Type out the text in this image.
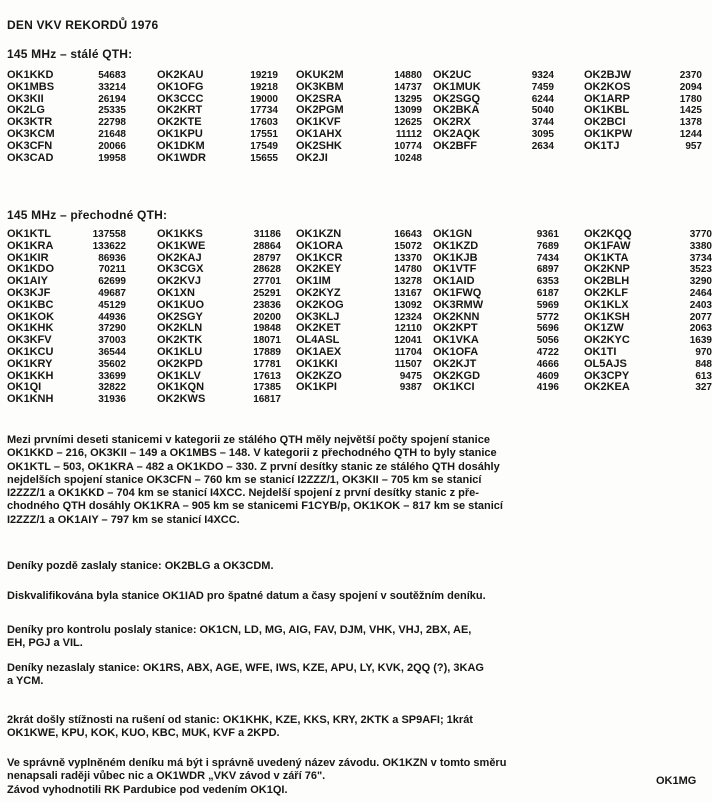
DEN VKV REKORDŮ 1976
145 MHz – stálé QTH:
OK1KKD	54683
OK1MBS	33214
OK3KII	26194
OK2LG	25335
OK3KTR	22798
OK3KCM	21648
OK3CFN	20066
OK3CAD	19958
OK2KAU	19219
OK1OFG	19218
OK3CCC	19000
OK2KRT	17734
OK2KTE	17603
OK1KPU	17551
OK1DKM	17549
OK1WDR	15655
OKUK2M	14880
OK3KBM	14737
OK2SRA	13295
OK2PGM	13099
OK1KVF	12625
OK1AHX	11112
OK2SHK	10774
OK2JI	10248
OK2UC	9324
OK1MUK	7459
OK2SGQ	6244
OK2BKA	5040
OK2RX	3744
OK2AQK	3095
OK2BFF	2634
OK2BJW	2370
OK2KOS	2094
OK1ARP	1780
OK1KBL	1425
OK2BCI	1378
OK1KPW	1244
OK1TJ	957
145 MHz – přechodné QTH:
OK1KTL	137558
OK1KRA	133622
OK1KIR	86936
OK1KDO	70211
OK1AIY	62699
OK3KJF	49687
OK1KBC	45129
OK1KOK	44936
OK1KHK	37290
OK3KFV	37003
OK1KCU	36544
OK1KRY	35602
OK1KKH	33699
OK1QI	32822
OK1KNH	31936
OK1KKS	31186
OK1KWE	28864
OK2KAJ	28797
OK3CGX	28628
OK2KVJ	27701
OK1XN	25291
OK1KUO	23836
OK2SGY	20200
OK2KLN	19848
OK2KTK	18071
OK1KLU	17889
OK2KPD	17781
OK1KLV	17613
OK1KQN	17385
OK2KWS	16817
OK1KZN	16643
OK1ORA	15072
OK1KCR	13370
OK2KEY	14780
OK1IM	13278
OK2KYZ	13167
OK2KOG	13092
OK3KLJ	12324
OK2KET	12110
OL4ASL	12041
OK1AEX	11704
OK1KKI	11507
OK2KZO	9475
OK1KPI	9387
OK1GN	9361
OK1KZD	7689
OK1KJB	7434
OK1VTF	6897
OK1AID	6353
OK1FWQ	6187
OK3RMW	5969
OK2KNN	5772
OK2KPT	5696
OK1VKA	5056
OK1OFA	4722
OK2KJT	4666
OK2KGD	4609
OK1KCI	4196
OK2KQQ	3770
OK1FAW	3380
OK1KTA	3734
OK2KNP	3523
OK2BLH	3290
OK2KLF	2464
OK1KLX	2403
OK1KSH	2077
OK1ZW	2063
OK2KYC	1639
OK1TI	970
OL5AJS	848
OK3CPY	613
OK2KEA	327

Mezi prvními deseti stanicemi v kategorii ze stálého QTH měly největší počty spojení stanice
OK1KKD – 216, OK3KII – 149 a OK1MBS – 148. V kategorii z přechodného QTH to byly stanice
OK1KTL – 503, OK1KRA – 482 a OK1KDO – 330. Z první desítky stanic ze stálého QTH dosáhly
nejdelších spojení stanice OK3CFN – 760 km se stanicí I2ZZZ/1, OK3KII – 705 km se stanicí
I2ZZZ/1 a OK1KKD – 704 km se stanicí I4XCC. Nejdelší spojení z první desítky stanic z pře-
chodného QTH dosáhly OK1KRA – 905 km se stanicemi F1CYB/p, OK1KOK – 817 km se stanicí
I2ZZZ/1 a OK1AIY – 797 km se stanicí I4XCC.

Deníky pozdě zaslaly stanice: OK2BLG a OK3CDM.

Diskvalifikována byla stanice OK1IAD pro špatné datum a časy spojení v soutěžním deníku.

Deníky pro kontrolu poslaly stanice: OK1CN, LD, MG, AIG, FAV, DJM, VHK, VHJ, 2BX, AE,
EH, PGJ a VIL.

Deníky nezaslaly stanice: OK1RS, ABX, AGE, WFE, IWS, KZE, APU, LY, KVK, 2QQ (?), 3KAG
a YCM.

2krát došly stížnosti na rušení od stanic: OK1KHK, KZE, KKS, KRY, 2KTK a SP9AFI; 1krát
OK1KWE, KPU, KOK, KUO, KBC, MUK, KVF a 2KPD.

Ve správně vyplněném deníku má být i správně uvedený název závodu. OK1KZN v tomto směru
nenapsali raději vůbec nic a OK1WDR „VKV závod v září 76".
Závod vyhodnotili RK Pardubice pod vedením OK1QI.

OK1MG
